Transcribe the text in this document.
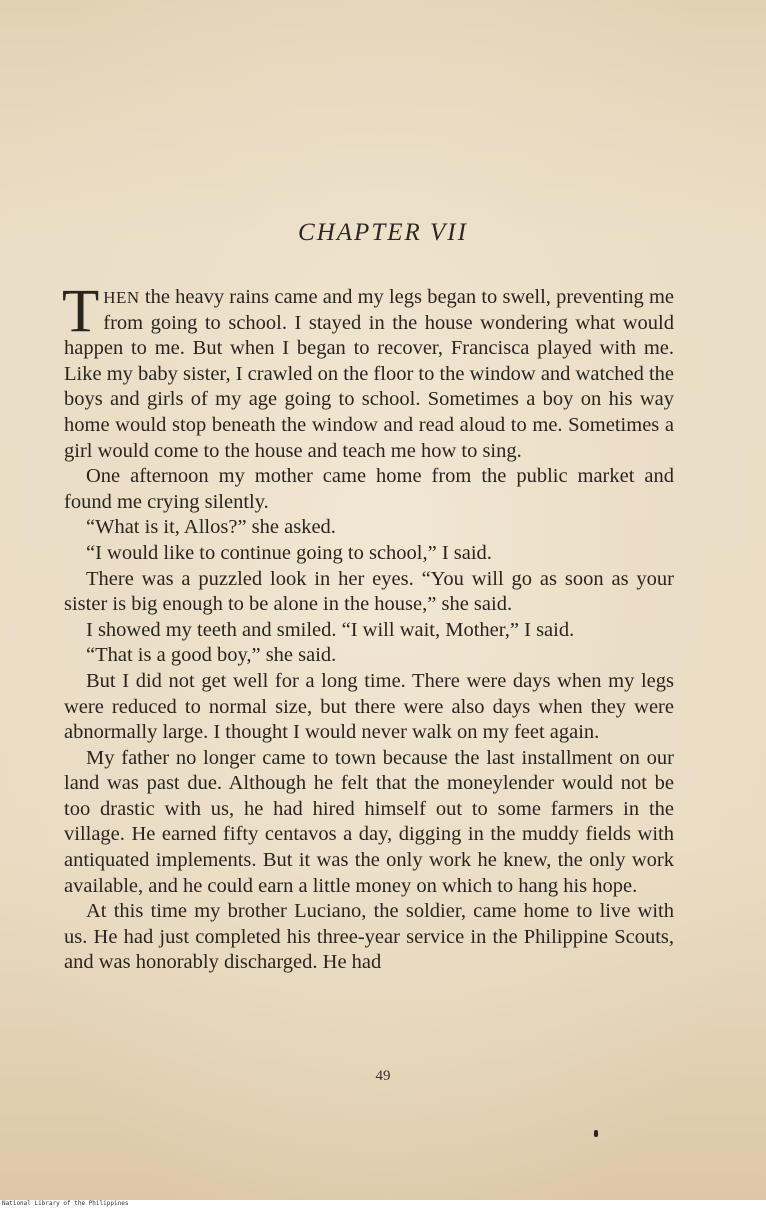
CHAPTER VII

THEN the heavy rains came and my legs began to swell, preventing me from going to school. I stayed in the house wondering what would happen to me. But when I began to recover, Francisca played with me. Like my baby sister, I crawled on the floor to the window and watched the boys and girls of my age going to school. Sometimes a boy on his way home would stop beneath the window and read aloud to me. Sometimes a girl would come to the house and teach me how to sing.

One afternoon my mother came home from the public market and found me crying silently.

“What is it, Allos?” she asked.

“I would like to continue going to school,” I said.

There was a puzzled look in her eyes. “You will go as soon as your sister is big enough to be alone in the house,” she said.

I showed my teeth and smiled. “I will wait, Mother,” I said.

“That is a good boy,” she said.

But I did not get well for a long time. There were days when my legs were reduced to normal size, but there were also days when they were abnormally large. I thought I would never walk on my feet again.

My father no longer came to town because the last installment on our land was past due. Although he felt that the moneylender would not be too drastic with us, he had hired himself out to some farmers in the village. He earned fifty centavos a day, digging in the muddy fields with antiquated implements. But it was the only work he knew, the only work available, and he could earn a little money on which to hang his hope.

At this time my brother Luciano, the soldier, came home to live with us. He had just completed his three-year service in the Philippine Scouts, and was honorably discharged. He had

49
National Library of the Philippines
